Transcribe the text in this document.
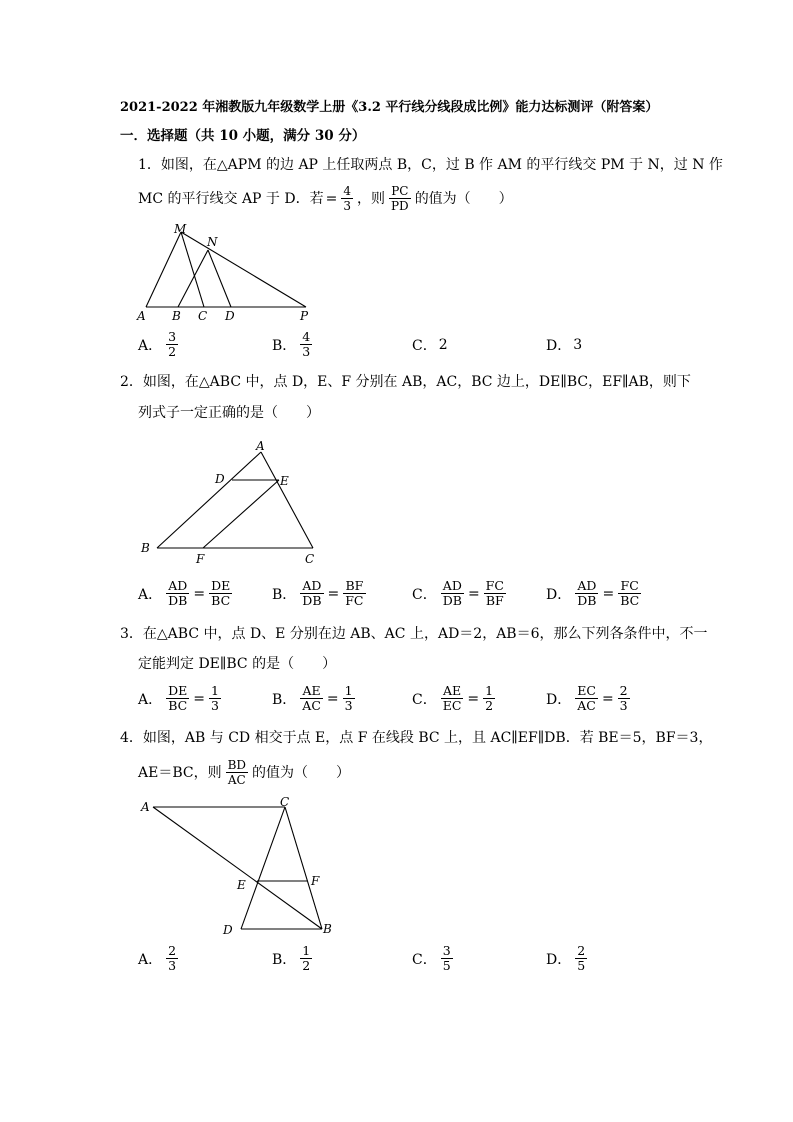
2021-2022 年湘教版九年级数学上册《3.2 平行线分线段成比例》能力达标测评（附答案）
一．选择题（共 10 小题，满分 30 分）
1．如图，在△APM 的边 AP 上任取两点 B，C，过 B 作 AM 的平行线交 PM 于 N，过 N 作
MC 的平行线交 AP 于 D．若 = $\frac{4}{3}$ ，则 $\frac{PC}{PD}$ 的值为（　　）
M
N
A B C D	P
A． $\frac{3}{2}$	B． $\frac{4}{3}$	C． 2	D． 3
2．如图，在△ABC 中，点 D，E、F 分别在 AB，AC，BC 边上，DE∥BC，EF∥AB，则下
列式子一定正确的是（　　）
A
D	E
B
F	C
A． $\frac{AD}{DB} = \frac{DE}{BC}$	B． $\frac{AD}{DB} = \frac{BF}{FC}$	C． $\frac{AD}{DB} = \frac{FC}{BF}$	D． $\frac{AD}{DB} = \frac{FC}{BC}$
3．在△ABC 中，点 D、E 分别在边 AB、AC 上，AD＝2，AB＝6，那么下列各条件中，不一
定能判定 DE∥BC 的是（　　）
A． $\frac{DE}{BC} = \frac{1}{3}$	B． $\frac{AE}{AC} = \frac{1}{3}$	C． $\frac{AE}{EC} = \frac{1}{2}$	D． $\frac{EC}{AC} = \frac{2}{3}$
4．如图，AB 与 CD 相交于点 E，点 F 在线段 BC 上，且 AC∥EF∥DB．若 BE＝5，BF＝3，
AE＝BC，则 $\frac{BD}{AC}$ 的值为（　　）
A	C
E	F
D	B
A． $\frac{2}{3}$	B． $\frac{1}{2}$	C． $\frac{3}{5}$	D． $\frac{2}{5}$
